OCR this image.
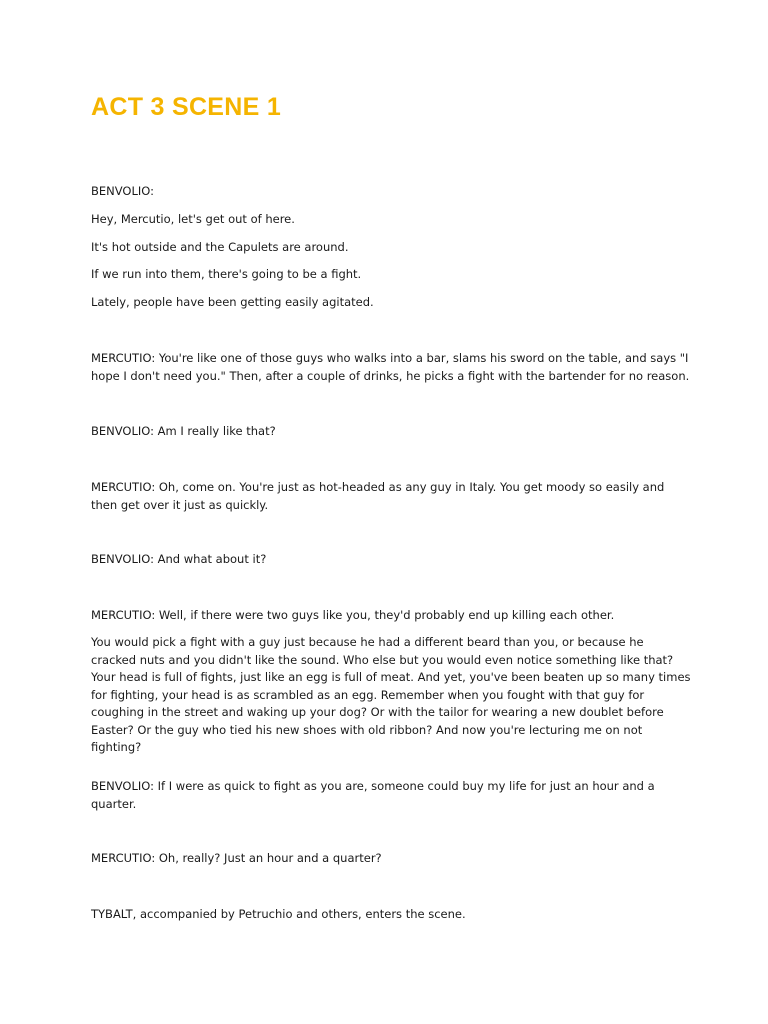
ACT 3 SCENE 1

BENVOLIO:

Hey, Mercutio, let's get out of here.

It's hot outside and the Capulets are around.

If we run into them, there's going to be a fight.

Lately, people have been getting easily agitated.

MERCUTIO: You're like one of those guys who walks into a bar, slams his sword on the table, and says "I hope I don't need you." Then, after a couple of drinks, he picks a fight with the bartender for no reason.

BENVOLIO: Am I really like that?

MERCUTIO: Oh, come on. You're just as hot-headed as any guy in Italy. You get moody so easily and then get over it just as quickly.

BENVOLIO: And what about it?

MERCUTIO: Well, if there were two guys like you, they'd probably end up killing each other.

You would pick a fight with a guy just because he had a different beard than you, or because he cracked nuts and you didn't like the sound. Who else but you would even notice something like that? Your head is full of fights, just like an egg is full of meat. And yet, you've been beaten up so many times for fighting, your head is as scrambled as an egg. Remember when you fought with that guy for coughing in the street and waking up your dog? Or with the tailor for wearing a new doublet before Easter? Or the guy who tied his new shoes with old ribbon? And now you're lecturing me on not fighting?

BENVOLIO: If I were as quick to fight as you are, someone could buy my life for just an hour and a quarter.

MERCUTIO: Oh, really? Just an hour and a quarter?

TYBALT, accompanied by Petruchio and others, enters the scene.
